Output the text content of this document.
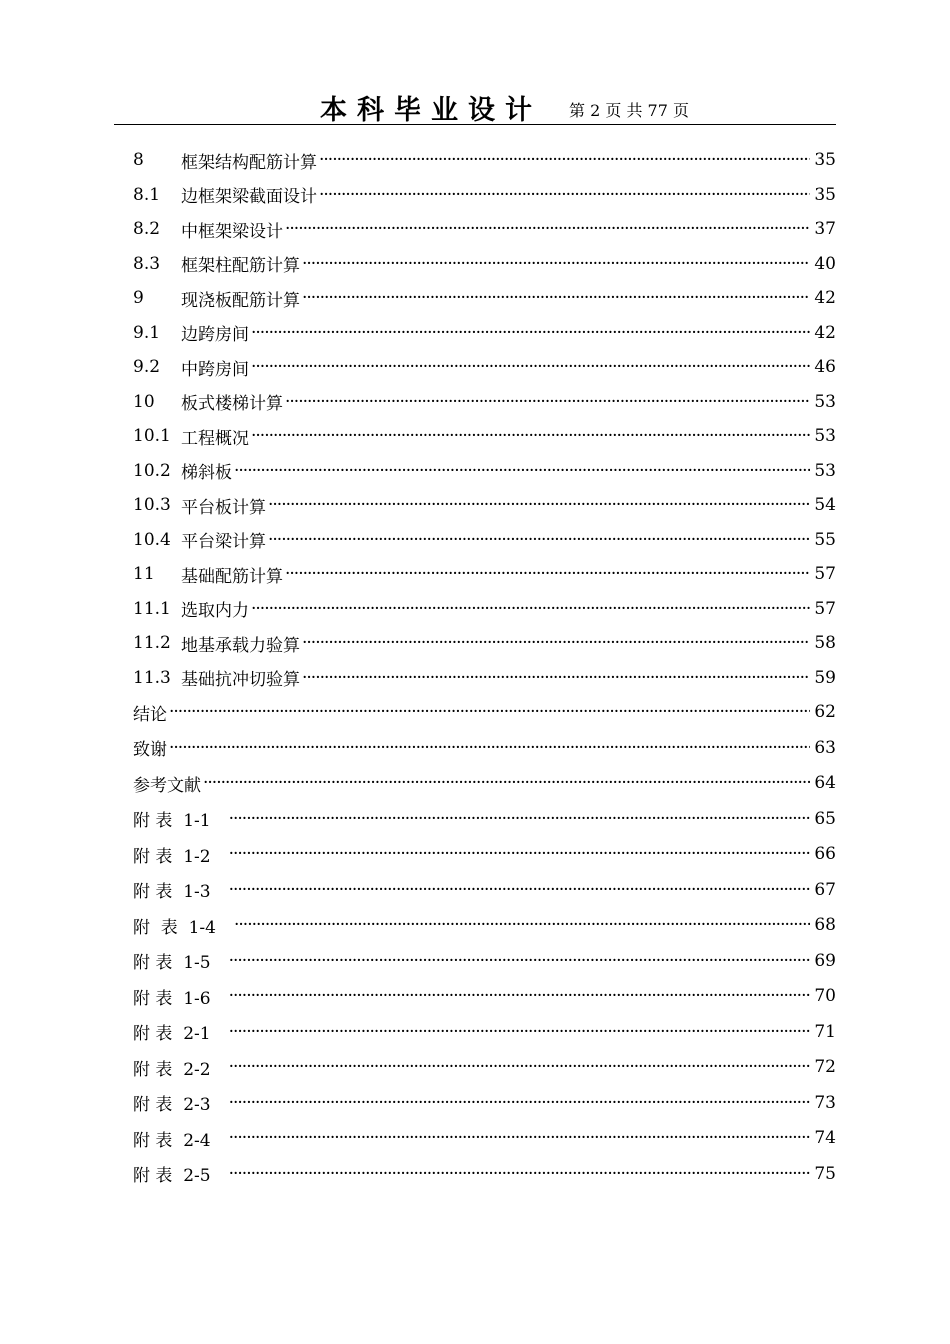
本科毕业设计 第 2 页 共 77 页
8	框架结构配筋计算 ·····	35
8.1	边框架梁截面设计 ·····	35
8.2	中框架梁设计 ·····	37
8.3	框架柱配筋计算 ·····	40
9	现浇板配筋计算 ·····	42
9.1	边跨房间 ·····	42
9.2	中跨房间 ·····	46
10	板式楼梯计算 ·····	53
10.1 工程概况 ·····	53
10.2 梯斜板 ·····	53
10.3 平台板计算 ·····	54
10.4 平台梁计算 ·····	55
11	基础配筋计算 ·····	57
11.1 选取内力 ·····	57
11.2 地基承载力验算 ·····	58
11.3 基础抗冲切验算 ·····	59
结论 ·····	62
致谢 ·····	63
参考文献 ·····	64
附 表  1-1 ·····	65
附 表  1-2 ·····	66
附 表  1-3 ·····	67
附  表  1-4 ·····	68
附 表  1-5 ·····	69
附 表  1-6 ·····	70
附 表  2-1 ·····	71
附 表  2-2 ·····	72
附 表  2-3 ·····	73
附 表  2-4 ·····	74
附 表  2-5 ·····	75
